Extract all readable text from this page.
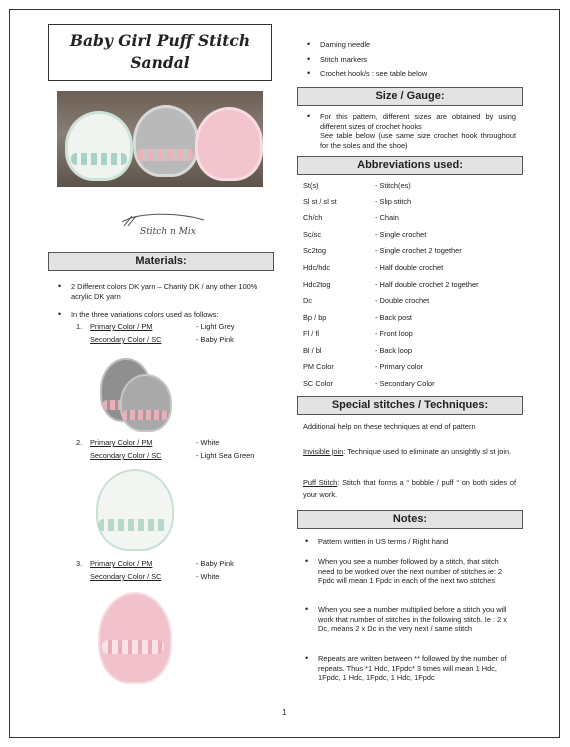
Baby Girl Puff Stitch
Sandal
Stitch n Mix
Materials:
• 2 Different colors DK yarn – Charity DK / any other 100% acrylic DK yarn
• In the three variations colors used as follows:
1. Primary Color / PM	- Light Grey
Secondary Color / SC	- Baby Pink
2. Primary Color / PM	- White
Secondary Color / SC	- Light Sea Green
3. Primary Color / PM	- Baby Pink
Secondary Color / SC	- White
• Darning needle
• Stitch markers
• Crochet hook/s : see table below
Size / Gauge:
• For this pattern, different sizes are obtained by using different sizes of crochet hooks
See table below (use same size crochet hook throughout for the soles and the shoe)
Abbreviations used:
St(s)	- Stitch(es)
Sl st / sl st	- Slip stitch
Ch/ch	- Chain
Sc/sc	- Single crochet
Sc2tog	- Single crochet 2 together
Hdc/hdc	- Half double crochet
Hdc2tog	- Half double crochet 2 together
Dc	- Double crochet
Bp / bp	- Back post
Fl / fl	- Front loop
Bl / bl	- Back loop
PM Color	- Primary color
SC Color	- Secondary Color
Special stitches / Techniques:
Additional help on these techniques at end of pattern
Invisible join: Technique used to eliminate an unsightly sl st join.
Puff Stitch: Stitch that forms a “ bobble / puff “ on both sides of your work.
Notes:
• Pattern written in US terms / Right hand
• When you see a number followed by a stitch, that stitch need to be worked over the next number of stitches ie: 2 Fpdc will mean 1 Fpdc in each of the next two stitches
• When you see a number multiplied before a stitch you will work that number of stitches in the following stitch. Ie : 2 x Dc, means 2 x Dc in the very next / same stitch
• Repeats are written between ** followed by the number of repeats. Thus *1 Hdc, 1Fpdc* 3 times will mean 1 Hdc, 1Fpdc, 1 Hdc, 1Fpdc, 1 Hdc, 1Fpdc
1
